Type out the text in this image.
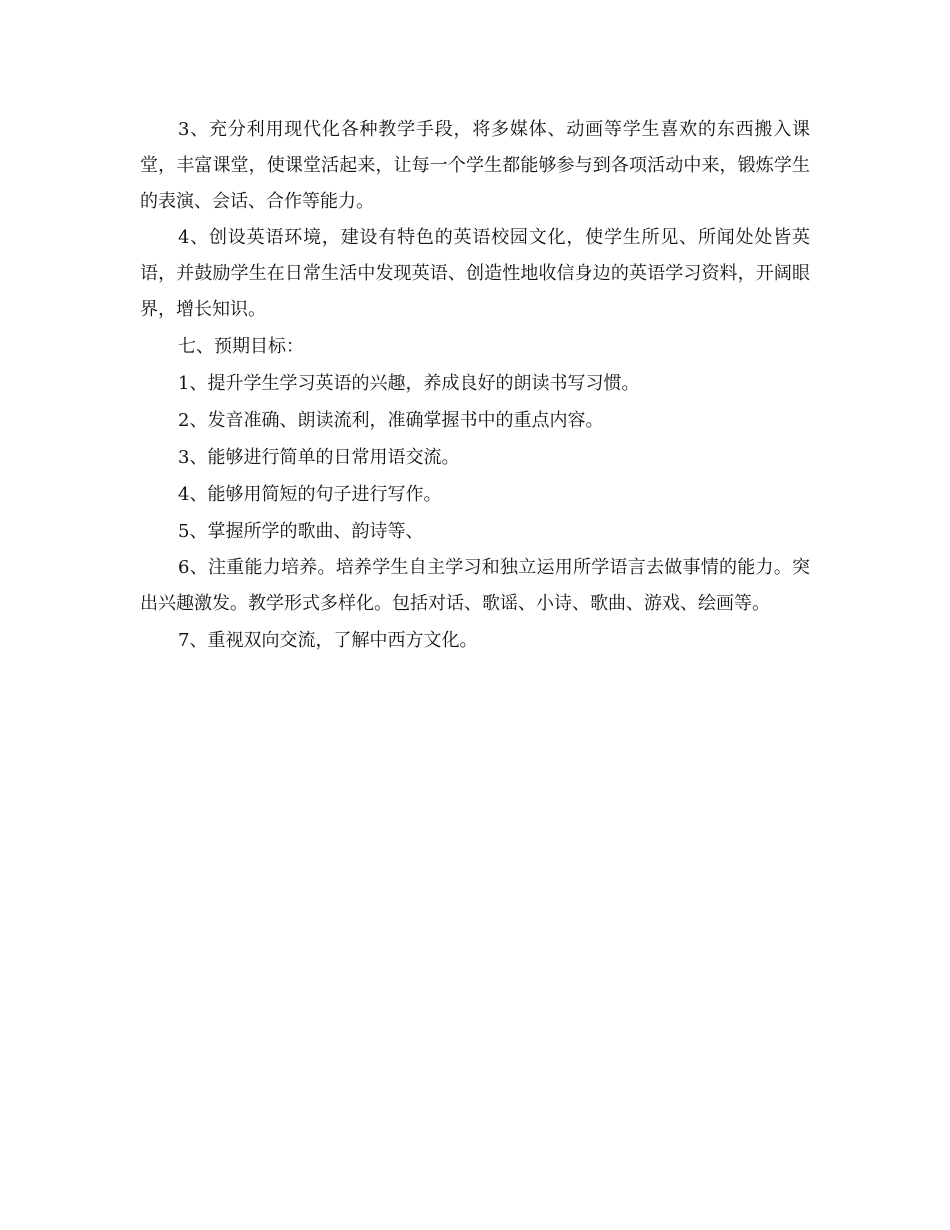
3、充分利用现代化各种教学手段，将多媒体、动画等学生喜欢的东西搬入课堂，丰富课堂，使课堂活起来，让每一个学生都能够参与到各项活动中来，锻炼学生的表演、会话、合作等能力。

4、创设英语环境，建设有特色的英语校园文化，使学生所见、所闻处处皆英语，并鼓励学生在日常生活中发现英语、创造性地收信身边的英语学习资料，开阔眼界，增长知识。

七、预期目标：

1、提升学生学习英语的兴趣，养成良好的朗读书写习惯。

2、发音准确、朗读流利，准确掌握书中的重点内容。

3、能够进行简单的日常用语交流。

4、能够用简短的句子进行写作。

5、掌握所学的歌曲、韵诗等、

6、注重能力培养。培养学生自主学习和独立运用所学语言去做事情的能力。突出兴趣激发。教学形式多样化。包括对话、歌谣、小诗、歌曲、游戏、绘画等。

7、重视双向交流，了解中西方文化。
